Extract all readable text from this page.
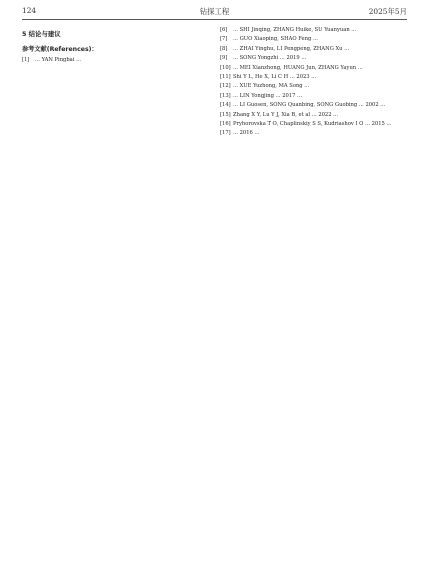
124	钻探工程	2025年5月
5 结论与建议
参考文献(References)：
[1] ... YAN Pingbai ...
[6] ... SHI Jinqing, ZHANG Huike, SU Yuanyuan ...
[7] ... GUO Xiaoping, SHAO Feng ...
[8] ... ZHAI Yinghu, LI Pengpeng, ZHANG Xu ...
[9] ... SONG Yongzhi ... 2019 ...
[10] ... MEI Xianzhong, HUANG Jun, ZHANG Yayun ...
[11] Shi Y L, He X, Li C H ... 2023 ...
[12] ... XUE Yuzhong, MA Song ...
[13] ... LIN Yongjing ... 2017 ...
[14] ... LI Guosen, SONG Quanbing, SONG Guobing ... 2002 ...
[15] Zhang X Y, Lu Y J, Xia B, et al ... 2022 ...
[16] Pryhorovska T O, Chaplinskiy S S, Kudriashov I O ... 2015 ...
[17] ... 2016 ...
